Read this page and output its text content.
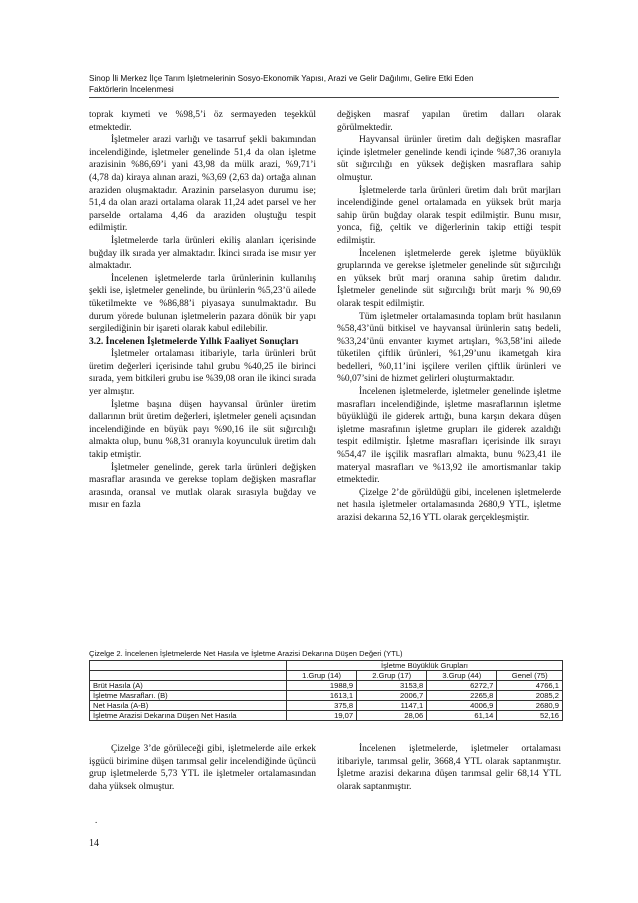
Sinop İli Merkez İlçe Tarım İşletmelerinin Sosyo-Ekonomik Yapısı, Arazi ve Gelir Dağılımı, Gelire Etki Eden
Faktörlerin İncelenmesi

toprak kıymeti ve %98,5’i öz sermayeden teşekkül etmektedir.

İşletmeler arazi varlığı ve tasarruf şekli bakımından incelendiğinde, işletmeler genelinde 51,4 da olan işletme arazisinin %86,69’i yani 43,98 da mülk arazi, %9,71’i (4,78 da) kiraya alınan arazi, %3,69 (2,63 da) ortağa alınan araziden oluşmaktadır. Arazinin parselasyon durumu ise; 51,4 da olan arazi ortalama olarak 11,24 adet parsel ve her parselde ortalama 4,46 da araziden oluştuğu tespit edilmiştir.

İşletmelerde tarla ürünleri ekiliş alanları içerisinde buğday ilk sırada yer almaktadır. İkinci sırada ise mısır yer almaktadır.

İncelenen işletmelerde tarla ürünlerinin kullanılış şekli ise, işletmeler genelinde, bu ürünlerin %5,23’ü ailede tüketilmekte ve %86,88’i piyasaya sunulmaktadır. Bu durum yörede bulunan işletmelerin pazara dönük bir yapı sergilediğinin bir işareti olarak kabul edilebilir.

3.2. İncelenen İşletmelerde Yıllık Faaliyet Sonuçları

İşletmeler ortalaması itibariyle, tarla ürünleri brüt üretim değerleri içerisinde tahıl grubu %40,25 ile birinci sırada, yem bitkileri grubu ise %39,08 oran ile ikinci sırada yer almıştır.

İşletme başına düşen hayvansal ürünler üretim dallarının brüt üretim değerleri, işletmeler geneli açısından incelendiğinde en büyük payı %90,16 ile süt sığırcılığı almakta olup, bunu %8,31 oranıyla koyunculuk üretim dalı takip etmiştir.

İşletmeler genelinde, gerek tarla ürünleri değişken masraflar arasında ve gerekse toplam değişken masraflar arasında, oransal ve mutlak olarak sırasıyla buğday ve mısır en fazla

değişken masraf yapılan üretim dalları olarak görülmektedir.

Hayvansal ürünler üretim dalı değişken masraflar içinde işletmeler genelinde kendi içinde %87,36 oranıyla süt sığırcılığı en yüksek değişken masraflara sahip olmuştur.

İşletmelerde tarla ürünleri üretim dalı brüt marjları incelendiğinde genel ortalamada en yüksek brüt marja sahip ürün buğday olarak tespit edilmiştir. Bunu mısır, yonca, fiğ, çeltik ve diğerlerinin takip ettiği tespit edilmiştir.

İncelenen işletmelerde gerek işletme büyüklük gruplarında ve gerekse işletmeler genelinde süt sığırcılığı en yüksek brüt marj oranına sahip üretim dalıdır. İşletmeler genelinde süt sığırcılığı brüt marjı % 90,69 olarak tespit edilmiştir.

Tüm işletmeler ortalamasında toplam brüt hasılanın %58,43’ünü bitkisel ve hayvansal ürünlerin satış bedeli, %33,24’ünü envanter kıymet artışları, %3,58’ini ailede tüketilen çiftlik ürünleri, %1,29’unu ikametgah kira bedelleri, %0,11’ini işçilere verilen çiftlik ürünleri ve %0,07’sini de hizmet gelirleri oluşturmaktadır.

İncelenen işletmelerde, işletmeler genelinde işletme masrafları incelendiğinde, işletme masraflarının işletme büyüklüğü ile giderek arttığı, buna karşın dekara düşen işletme masrafının işletme grupları ile giderek azaldığı tespit edilmiştir. İşletme masrafları içerisinde ilk sırayı %54,47 ile işçilik masrafları almakta, bunu %23,41 ile materyal masrafları ve %13,92 ile amortismanlar takip etmektedir.

Çizelge 2’de görüldüğü gibi, incelenen işletmelerde net hasıla işletmeler ortalamasında 2680,9 YTL, işletme arazisi dekarına 52,16 YTL olarak gerçekleşmiştir.

Çizelge 2. İncelenen İşletmelerde Net Hasıla ve İşletme Arazisi Dekarına Düşen Değeri (YTL)
	İşletme Büyüklük Grupları			
	1.Grup (14)	2.Grup (17)	3.Grup (44)	Genel (75)
Brüt Hasıla (A)	1988,9	3153,8	6272,7	4766,1
İşletme Masrafları. (B)	1613,1	2006,7	2265,8	2085,2
Net Hasıla (A-B)	375,8	1147,1	4006,9	2680,9
İşletme Arazisi Dekarına Düşen Net Hasıla	19,07	28,06	61,14	52,16

Çizelge 3’de görüleceği gibi, işletmelerde aile erkek işgücü birimine düşen tarımsal gelir incelendiğinde üçüncü grup işletmelerde 5,73 YTL ile işletmeler ortalamasından daha yüksek olmuştur.

İncelenen işletmelerde, işletmeler ortalaması itibariyle, tarımsal gelir, 3668,4 YTL olarak saptanmıştır. İşletme arazisi dekarına düşen tarımsal gelir 68,14 YTL olarak saptanmıştır.

.
14
